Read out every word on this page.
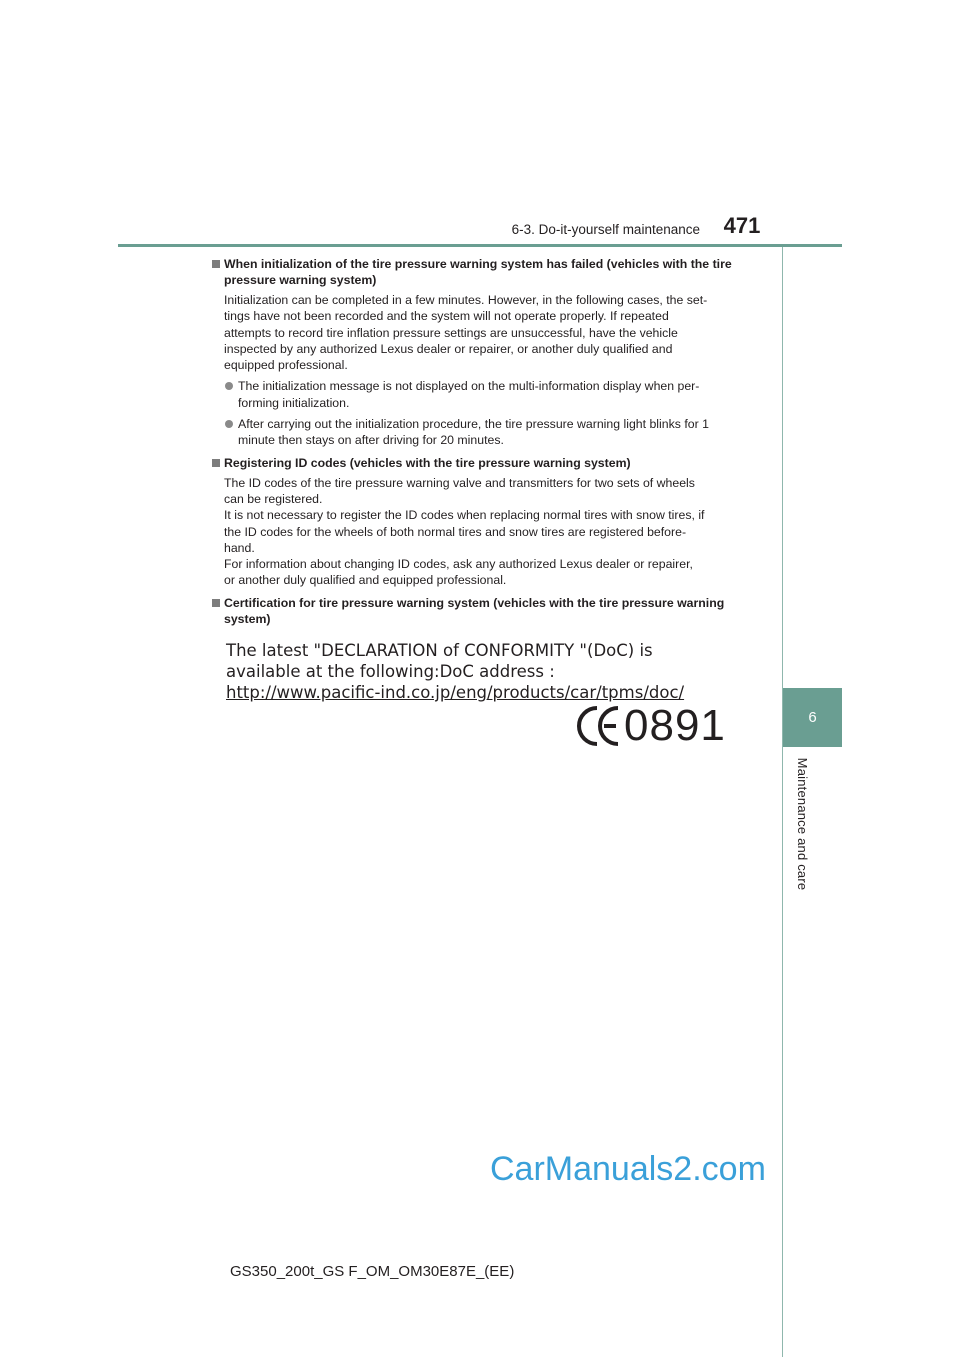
6-3. Do-it-yourself maintenance	471
6
Maintenance and care
When initialization of the tire pressure warning system has failed (vehicles with the tire
pressure warning system)
Initialization can be completed in a few minutes. However, in the following cases, the set-
tings have not been recorded and the system will not operate properly. If repeated
attempts to record tire inflation pressure settings are unsuccessful, have the vehicle
inspected by any authorized Lexus dealer or repairer, or another duly qualified and
equipped professional.
The initialization message is not displayed on the multi-information display when per-
forming initialization.
After carrying out the initialization procedure, the tire pressure warning light blinks for 1
minute then stays on after driving for 20 minutes.
Registering ID codes (vehicles with the tire pressure warning system)
The ID codes of the tire pressure warning valve and transmitters for two sets of wheels
can be registered.
It is not necessary to register the ID codes when replacing normal tires with snow tires, if
the ID codes for the wheels of both normal tires and snow tires are registered before-
hand.
For information about changing ID codes, ask any authorized Lexus dealer or repairer,
or another duly qualified and equipped professional.
Certification for tire pressure warning system (vehicles with the tire pressure warning
system)
The latest "DECLARATION of CONFORMITY "(DoC) is
available at the following:DoC address :
http://www.pacific-ind.co.jp/eng/products/car/tpms/doc/
0891
CarManuals2.com
GS350_200t_GS F_OM_OM30E87E_(EE)
